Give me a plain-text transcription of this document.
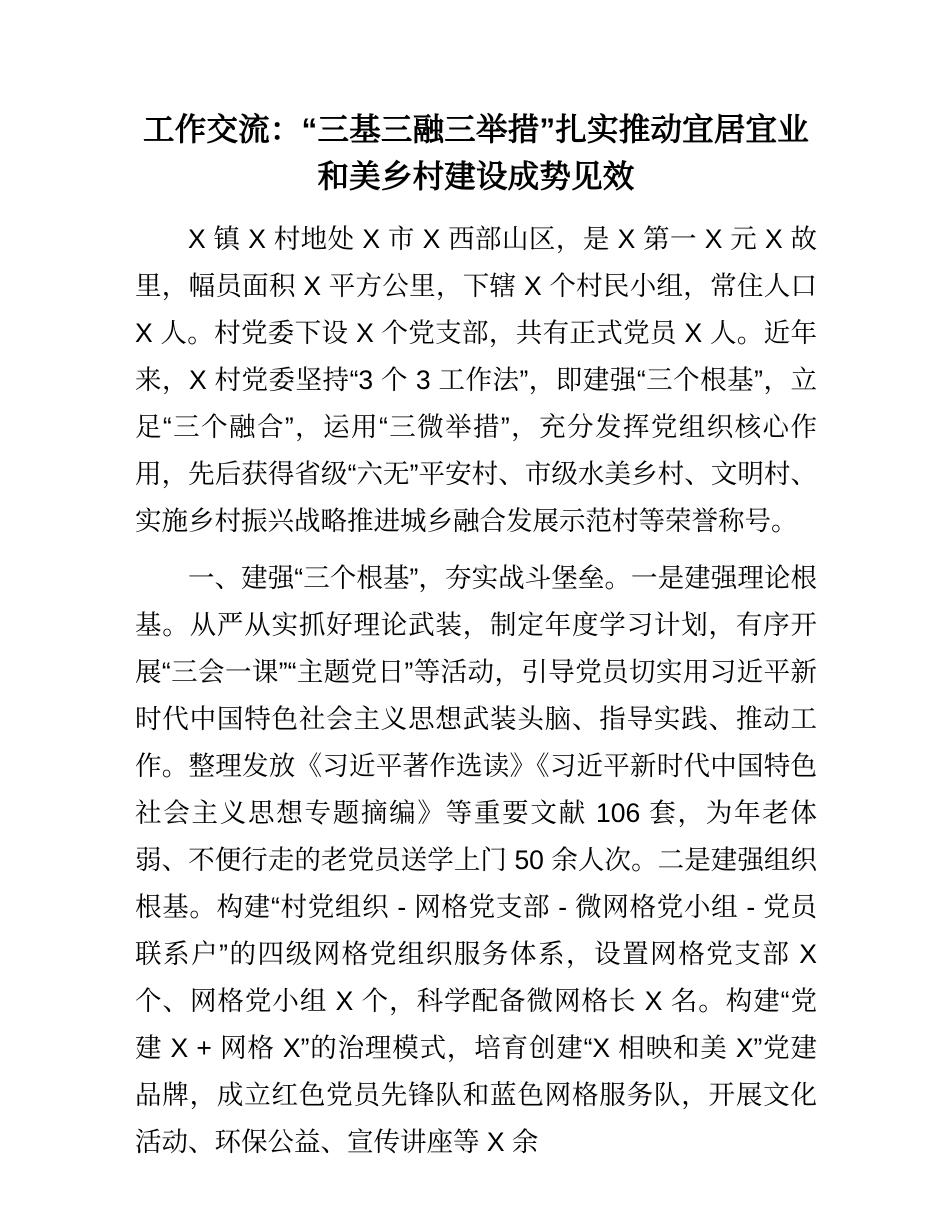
工作交流：“三基三融三举措”扎实推动宜居宜业和美乡村建设成势见效

X 镇 X 村地处 X 市 X 西部山区，是 X 第一 X 元 X 故里，幅员面积 X 平方公里，下辖 X 个村民小组，常住人口 X 人。村党委下设 X 个党支部，共有正式党员 X 人。近年来，X 村党委坚持“3 个 3 工作法”，即建强“三个根基”，立足“三个融合”，运用“三微举措”，充分发挥党组织核心作用，先后获得省级“六无”平安村、市级水美乡村、文明村、实施乡村振兴战略推进城乡融合发展示范村等荣誉称号。

一、建强“三个根基”，夯实战斗堡垒。一是建强理论根基。从严从实抓好理论武装，制定年度学习计划，有序开展“三会一课”“主题党日”等活动，引导党员切实用习近平新时代中国特色社会主义思想武装头脑、指导实践、推动工作。整理发放《习近平著作选读》《习近平新时代中国特色社会主义思想专题摘编》等重要文献 106 套，为年老体弱、不便行走的老党员送学上门 50 余人次。二是建强组织根基。构建“村党组织 - 网格党支部 - 微网格党小组 - 党员联系户”的四级网格党组织服务体系，设置网格党支部 X 个、网格党小组 X 个，科学配备微网格长 X 名。构建“党建 X + 网格 X”的治理模式，培育创建“X 相映和美 X”党建品牌，成立红色党员先锋队和蓝色网格服务队，开展文化活动、环保公益、宣传讲座等 X 余
